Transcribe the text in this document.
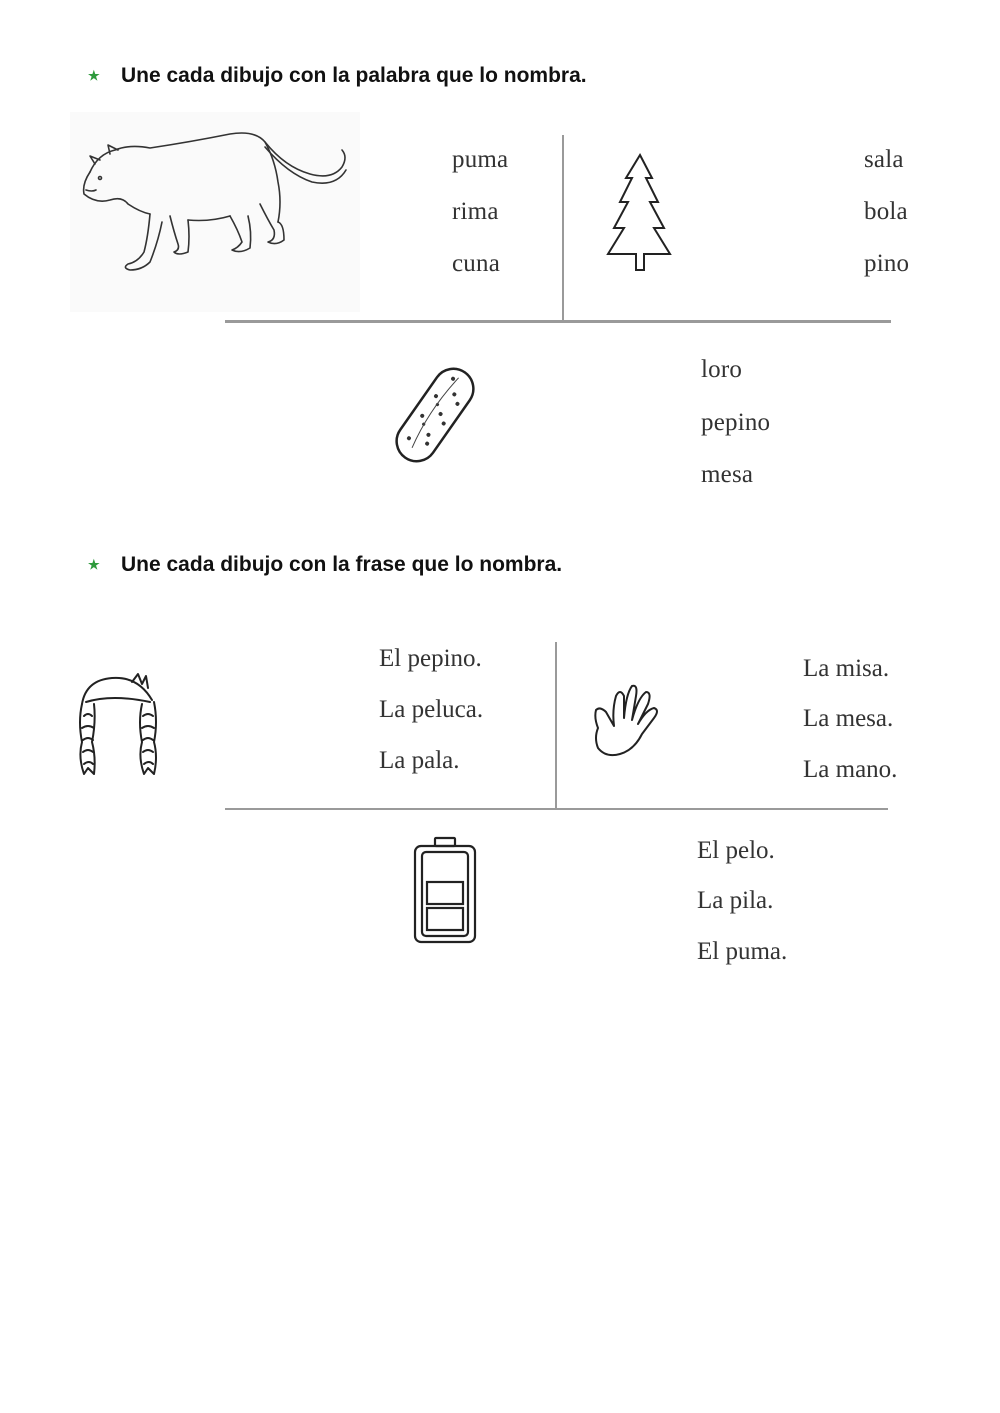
★	Une cada dibujo con la palabra que lo nombra.
puma
rima
cuna
sala
bola
pino
loro
pepino
mesa
★	Une cada dibujo con la frase que lo nombra.
El pepino.
La peluca.
La pala.
La misa.
La mesa.
La mano.
El pelo.
La pila.
El puma.
